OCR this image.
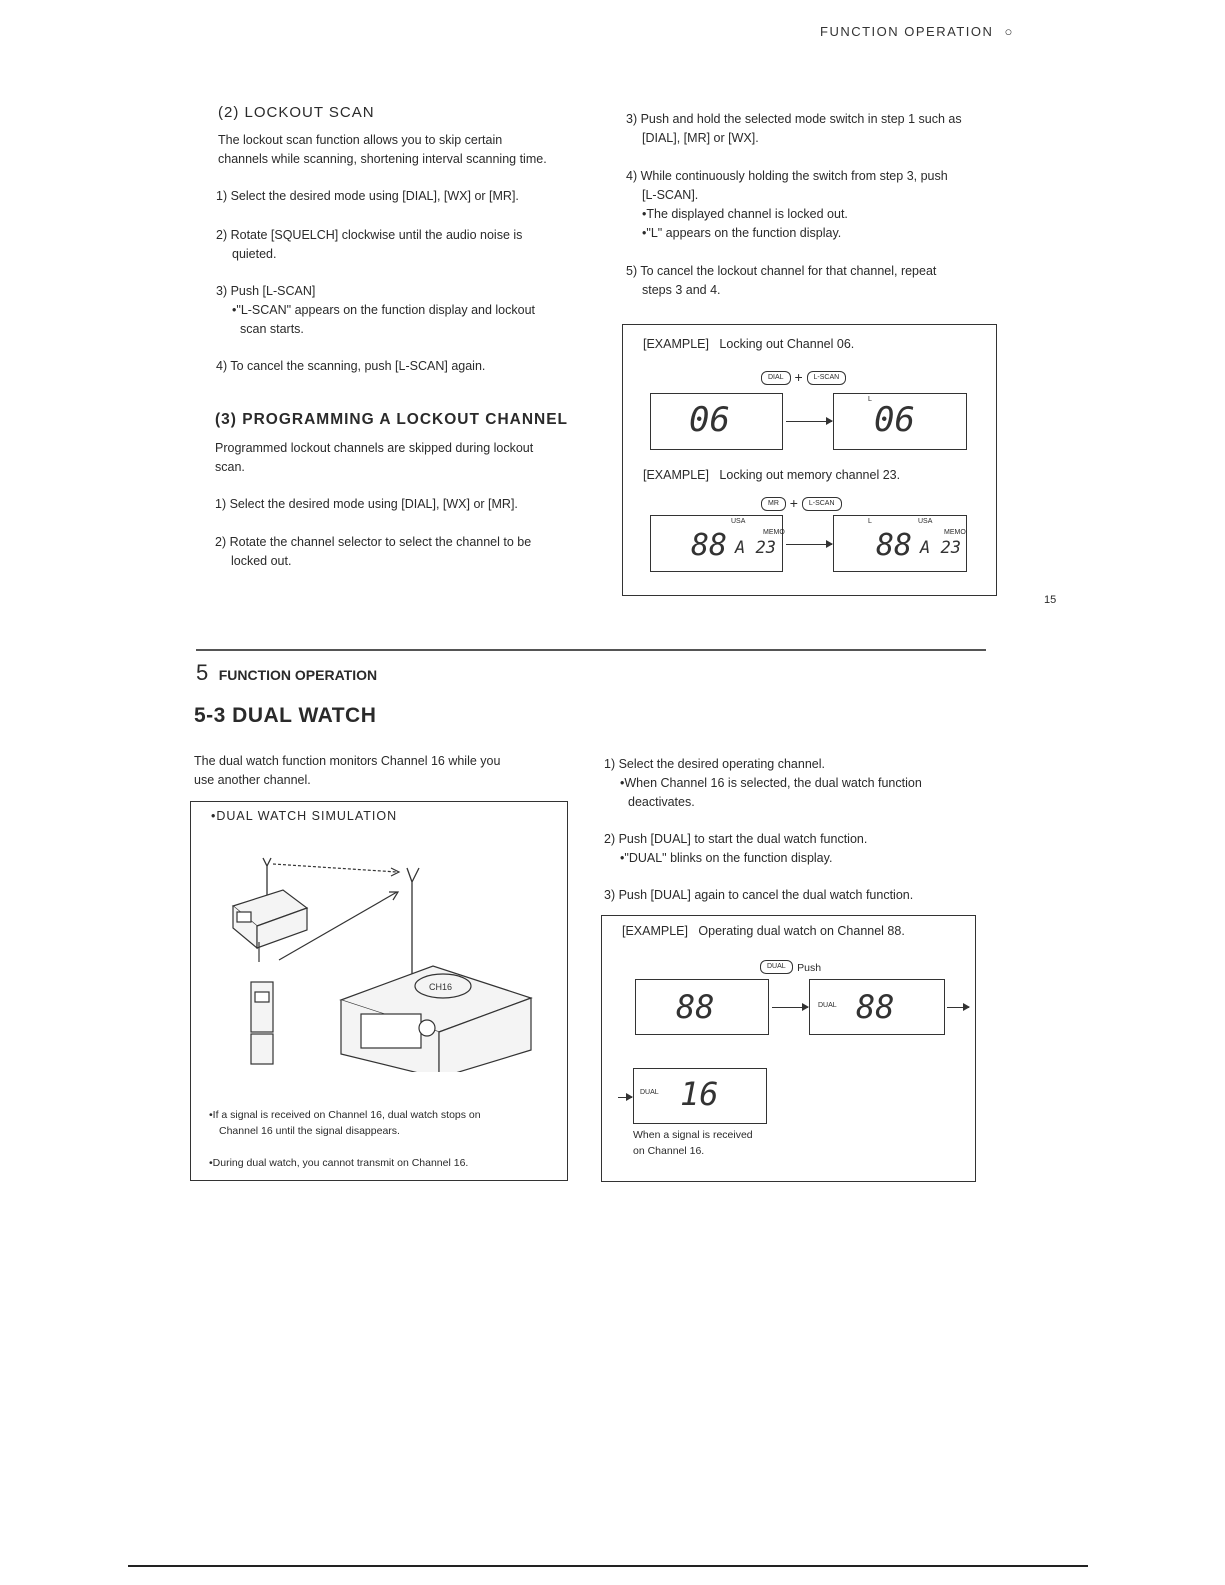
FUNCTION OPERATION ○
15
(2) LOCKOUT SCAN

The lockout scan function allows you to skip certain

channels while scanning, shortening interval scanning time.

1) Select the desired mode using [DIAL], [WX] or [MR].

2) Rotate [SQUELCH] clockwise until the audio noise is

quieted.

3) Push [L-SCAN]

•"L-SCAN" appears on the function display and lockout

scan starts.

4) To cancel the scanning, push [L-SCAN] again.

(3) PROGRAMMING A LOCKOUT CHANNEL

Programmed lockout channels are skipped during lockout

scan.

1) Select the desired mode using [DIAL], [WX] or [MR].

2) Rotate the channel selector to select the channel to be

locked out.

3) Push and hold the selected mode switch in step 1 such as

[DIAL], [MR] or [WX].

4) While continuously holding the switch from step 3, push

[L-SCAN].

•The displayed channel is locked out.

•"L" appears on the function display.

5) To cancel the lockout channel for that channel, repeat

steps 3 and 4.

[EXAMPLE] Locking out Channel 06.
DIAL + L-SCAN
06
L
06
[EXAMPLE] Locking out memory channel 23.
MR + L-SCAN
USA
MEMO
88 A 23
L	USA
MEMO
88 A 23
5 FUNCTION OPERATION
5-3 DUAL WATCH

The dual watch function monitors Channel 16 while you

use another channel.

•DUAL WATCH SIMULATION
CH16

•If a signal is received on Channel 16, dual watch stops on

Channel 16 until the signal disappears.

•During dual watch, you cannot transmit on Channel 16.

1) Select the desired operating channel.

•When Channel 16 is selected, the dual watch function

deactivates.

2) Push [DUAL] to start the dual watch function.

•"DUAL" blinks on the function display.

3) Push [DUAL] again to cancel the dual watch function.
[EXAMPLE] Operating dual watch on Channel 88.
DUAL Push
88	DUAL 88
DUAL 16

When a signal is received

on Channel 16.
